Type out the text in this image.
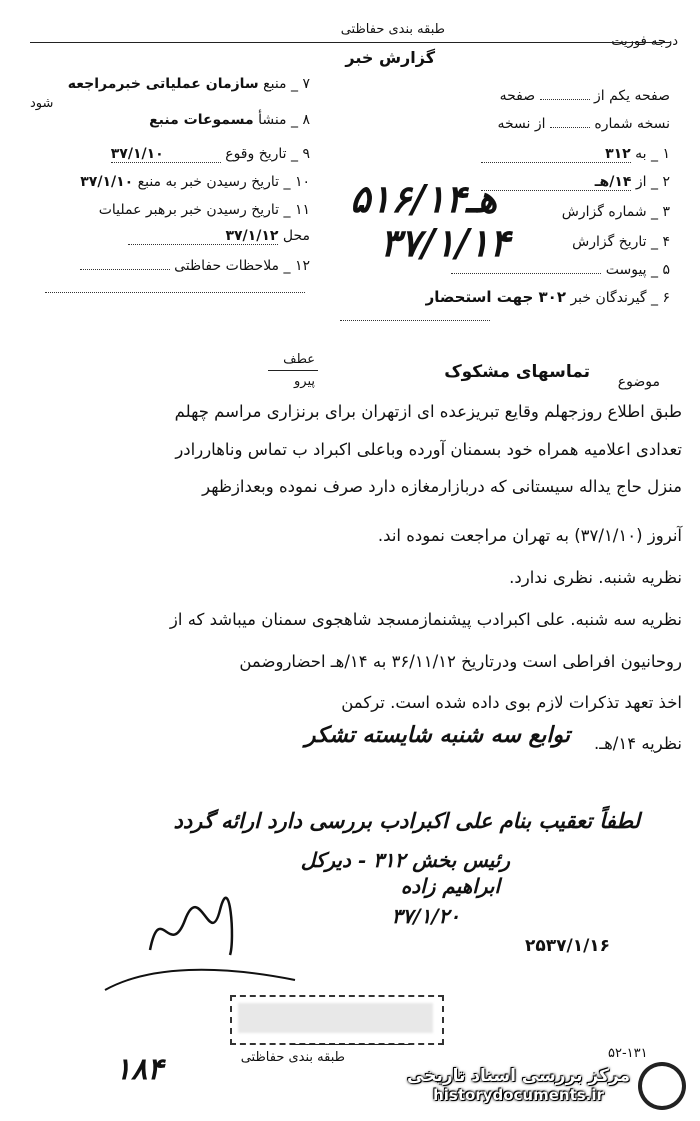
طبقه بندی حفاظتی
گزارش خبر
درجه فوریت
۷ _ منبع سازمان عملیاتی خبرمراجعه
شود
۸ _ منشأ مسموعات منبع
۹ _ تاریخ وقوع ۳۷/۱/۱۰
۱۰ _ تاریخ رسیدن خبر به منبع ۳۷/۱/۱۰
۱۱ _ تاریخ رسیدن خبر برهبر عملیات
محل ۳۷/۱/۱۲
۱۲ _ ملاحظات حفاظتی
صفحه یکم از  صفحه
نسخه شماره  از نسخه
۱ _ به ۳۱۲
۲ _ از ۱۴/هـ
۳ _ شماره گزارش
۴ _ تاریخ گزارش
۵ _ پیوست
۶ _ گیرندگان خبر ۳۰۲ جهت استحضار
۵۱۶/۱۴هـ
۳۷/۱/۱۴
عطف
پیرو	موضوع
تماسهای مشکوک
طبق اطلاع روزجهلم وقایع تبریزعده ای ازتهران برای برنزاری مراسم چهلم
تعدادی اعلامیه همراه خود بسمنان آورده وباعلی اکبراد ب تماس وناهاررادر
منزل حاج یداله سیستانی که دربازارمغازه دارد صرف نموده وبعدازظهر
آنروز (۳۷/۱/۱۰) به تهران مراجعت نموده اند.
نظریه شنبه. نظری ندارد.
نظریه سه شنبه. علی اکبرادب پیشنمازمسجد شاهجوی سمنان میباشد که از
روحانیون افراطی است ودرتاریخ ۳۶/۱۱/۱۲ به ۱۴/هـ احضاروضمن
اخذ تعهد تذکرات لازم بوی داده شده است. ترکمن
نظریه ۱۴/هـ.
توابع سه شنبه شایسته تشکر
لطفاً تعقیب بنام علی اکبرادب بررسی دارد ارائه گردد
رئیس بخش ۳۱۲ - دیرکل
ابراهیم زاده
۳۷/۱/۲۰
۲۵۳۷/۱/۱۶
۱۸۴	۵۲-۱۳۱
طبقه بندی حفاظتی
مرکز بررسی اسناد تاریخی
historydocuments.ir
